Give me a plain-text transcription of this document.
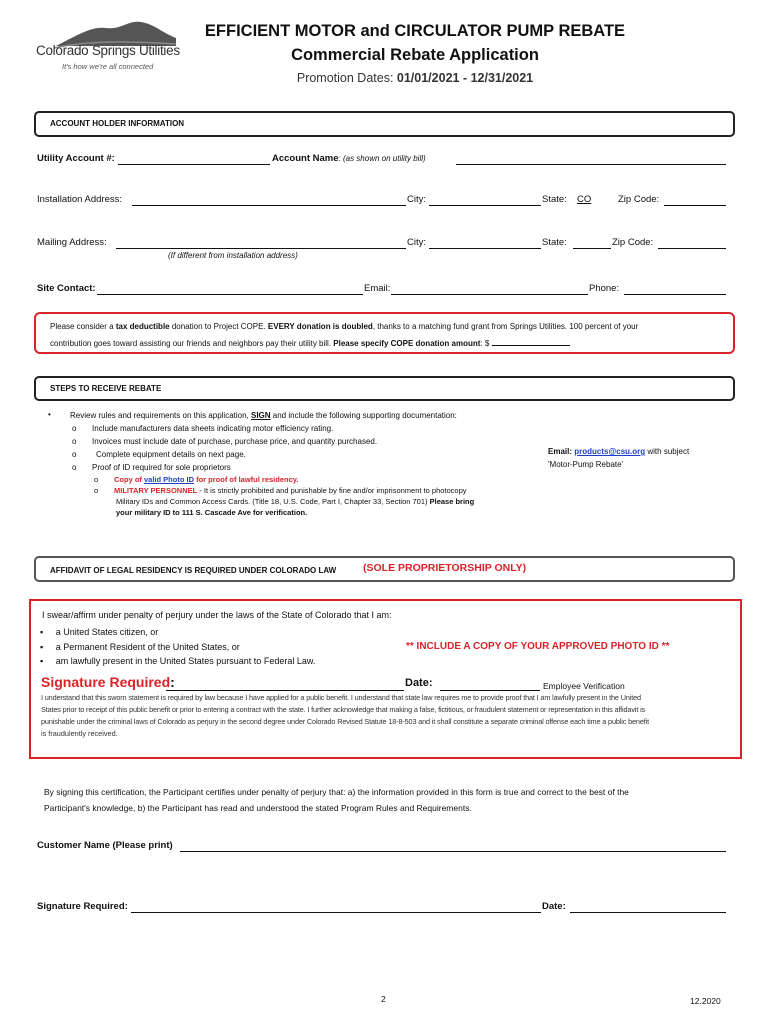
Colorado Springs Utilities
It's how we're all connected
EFFICIENT MOTOR and CIRCULATOR PUMP REBATE
Commercial Rebate Application
Promotion Dates: 01/01/2021 - 12/31/2021
ACCOUNT HOLDER INFORMATION
Utility Account #:	Account Name: (as shown on utility bill)
Installation Address:	City:	State: CO	Zip Code:
Mailing Address:	City:	State:	Zip Code:
(If different from installation address)
Site Contact:	Email:	Phone:
Please consider a tax deductible donation to Project COPE. EVERY donation is doubled, thanks to a matching fund grant from Springs Utilities. 100 percent of your
contribution goes toward assisting our friends and neighbors pay their utility bill. Please specify COPE donation amount: $
STEPS TO RECEIVE REBATE
• Review rules and requirements on this application, SIGN and include the following supporting documentation:
o Include manufacturers data sheets indicating motor efficiency rating.
o Invoices must include date of purchase, purchase price, and quantity purchased.
o Complete equipment details on next page.
o Proof of ID required for sole proprietors
o Copy of valid Photo ID for proof of lawful residency.
o MILITARY PERSONNEL - It is strictly prohibited and punishable by fine and/or imprisonment to photocopy
Military IDs and Common Access Cards. (Title 18, U.S. Code, Part I, Chapter 33, Section 701) Please bring
your military ID to 111 S. Cascade Ave for verification.
Email: products@csu.org with subject
'Motor-Pump Rebate'
AFFIDAVIT OF LEGAL RESIDENCY IS REQUIRED UNDER COLORADO LAW	(SOLE PROPRIETORSHIP ONLY)
I swear/affirm under penalty of perjury under the laws of the State of Colorado that I am:
▪     a United States citizen, or
▪     a Permanent Resident of the United States, or
▪     am lawfully present in the United States pursuant to Federal Law.
** INCLUDE A COPY OF YOUR APPROVED PHOTO ID **
Signature Required:	Date:	Employee Verification
I understand that this sworn statement is required by law because I have applied for a public benefit. I understand that state law requires me to provide proof that I am lawfully present in the United
States prior to receipt of this public benefit or prior to entering a contract with the state. I further acknowledge that making a false, fictitious, or fraudulent statement or representation in this affidavit is
punishable under the criminal laws of Colorado as perjury in the second degree under Colorado Revised Statute 18-8-503 and it shall constitute a separate criminal offense each time a public benefit
is fraudulently received.
By signing this certification, the Participant certifies under penalty of perjury that: a) the information provided in this form is true and correct to the best of the
Participant's knowledge, b) the Participant has read and understood the stated Program Rules and Requirements.
Customer Name (Please print)
Signature Required:	Date:
2	12.2020
